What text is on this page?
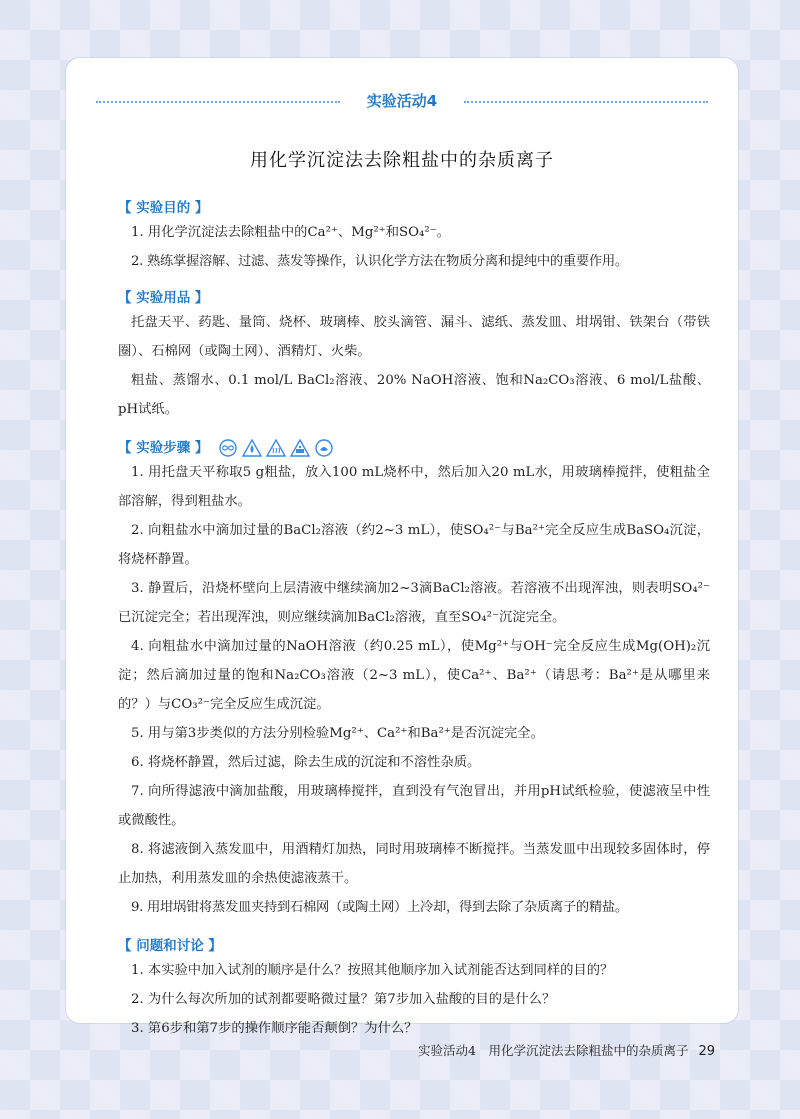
实验活动4
用化学沉淀法去除粗盐中的杂质离子
【 实验目的 】

1. 用化学沉淀法去除粗盐中的Ca²⁺、Mg²⁺和SO₄²⁻。

2. 熟练掌握溶解、过滤、蒸发等操作，认识化学方法在物质分离和提纯中的重要作用。

【 实验用品 】

托盘天平、药匙、量筒、烧杯、玻璃棒、胶头滴管、漏斗、滤纸、蒸发皿、坩埚钳、铁架台（带铁圈）、石棉网（或陶土网）、酒精灯、火柴。

粗盐、蒸馏水、0.1 mol/L BaCl₂溶液、20% NaOH溶液、饱和Na₂CO₃溶液、6 mol/L盐酸、pH试纸。

【 实验步骤 】

1. 用托盘天平称取5 g粗盐，放入100 mL烧杯中，然后加入20 mL水，用玻璃棒搅拌，使粗盐全部溶解，得到粗盐水。

2. 向粗盐水中滴加过量的BaCl₂溶液（约2~3 mL），使SO₄²⁻与Ba²⁺完全反应生成BaSO₄沉淀，将烧杯静置。

3. 静置后，沿烧杯壁向上层清液中继续滴加2~3滴BaCl₂溶液。若溶液不出现浑浊，则表明SO₄²⁻已沉淀完全；若出现浑浊，则应继续滴加BaCl₂溶液，直至SO₄²⁻沉淀完全。

4. 向粗盐水中滴加过量的NaOH溶液（约0.25 mL），使Mg²⁺与OH⁻完全反应生成Mg(OH)₂沉淀；然后滴加过量的饱和Na₂CO₃溶液（2~3 mL），使Ca²⁺、Ba²⁺（请思考：Ba²⁺是从哪里来的？）与CO₃²⁻完全反应生成沉淀。

5. 用与第3步类似的方法分别检验Mg²⁺、Ca²⁺和Ba²⁺是否沉淀完全。

6. 将烧杯静置，然后过滤，除去生成的沉淀和不溶性杂质。

7. 向所得滤液中滴加盐酸，用玻璃棒搅拌，直到没有气泡冒出，并用pH试纸检验，使滤液呈中性或微酸性。

8. 将滤液倒入蒸发皿中，用酒精灯加热，同时用玻璃棒不断搅拌。当蒸发皿中出现较多固体时，停止加热，利用蒸发皿的余热使滤液蒸干。

9. 用坩埚钳将蒸发皿夹持到石棉网（或陶土网）上冷却，得到去除了杂质离子的精盐。

【 问题和讨论 】

1. 本实验中加入试剂的顺序是什么？按照其他顺序加入试剂能否达到同样的目的？

2. 为什么每次所加的试剂都要略微过量？第7步加入盐酸的目的是什么？

3. 第6步和第7步的操作顺序能否颠倒？为什么？

实验活动4　用化学沉淀法去除粗盐中的杂质离子 29
